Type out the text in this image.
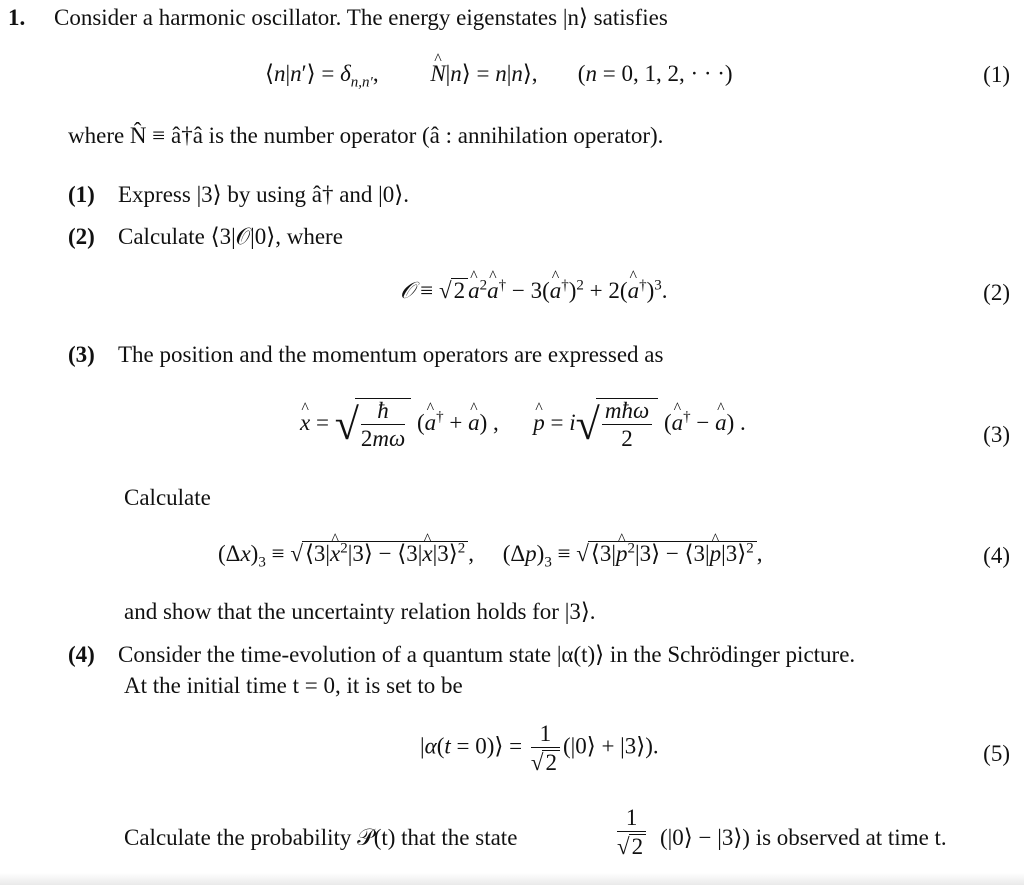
1. Consider a harmonic oscillator. The energy eigenstates |n⟩ satisfies
⟨n|n′⟩ = $\delta_{n,n'}$,         ^ N|n⟩ = n|n⟩,       (n = 0, 1, 2, · · ·)	(1)
where N̂ ≡ â†â is the number operator (â : annihilation operator).
(1) Express |3⟩ by using â† and |0⟩.
(2) Calculate ⟨3|𝒪|0⟩, where
𝒪 ≡ √2^ $a^2\^{}$ a† − 3(^ a†)$^2$ + 2(^ a†)$^3$.	(2)
(3) The position and the momentum operators are expressed as
^ x = √ $\frac{ħ}{2m\omega}$ (^ a† + ^ a) ,      ^ $p = i√ \frac{\text{mħω}}{2}$ (^ a† − ^ a) .	(3)
Calculate
$(\Delta x)_3$ ≡ √⟨3|^ $x^2|3⟩$ − ⟨3|^ x|3⟩$^2$ ,     $(\Delta p)_3$ ≡ √⟨3|^ $p^2|3⟩$ − ⟨3|^ p|3⟩$^2$ ,	(4)
and show that the uncertainty relation holds for |3⟩.
(4) Consider the time-evolution of a quantum state |α(t)⟩ in the Schrödinger picture.
At the initial time t = 0, it is set to be
|α(t = 0)⟩ = $\frac{1}{√2}$ (|0⟩ + |3⟩).	(5)
Calculate the probability 𝒫(t) that the state	$\frac{1}{√2}$ (|0⟩ − |3⟩) is observed at time t.
